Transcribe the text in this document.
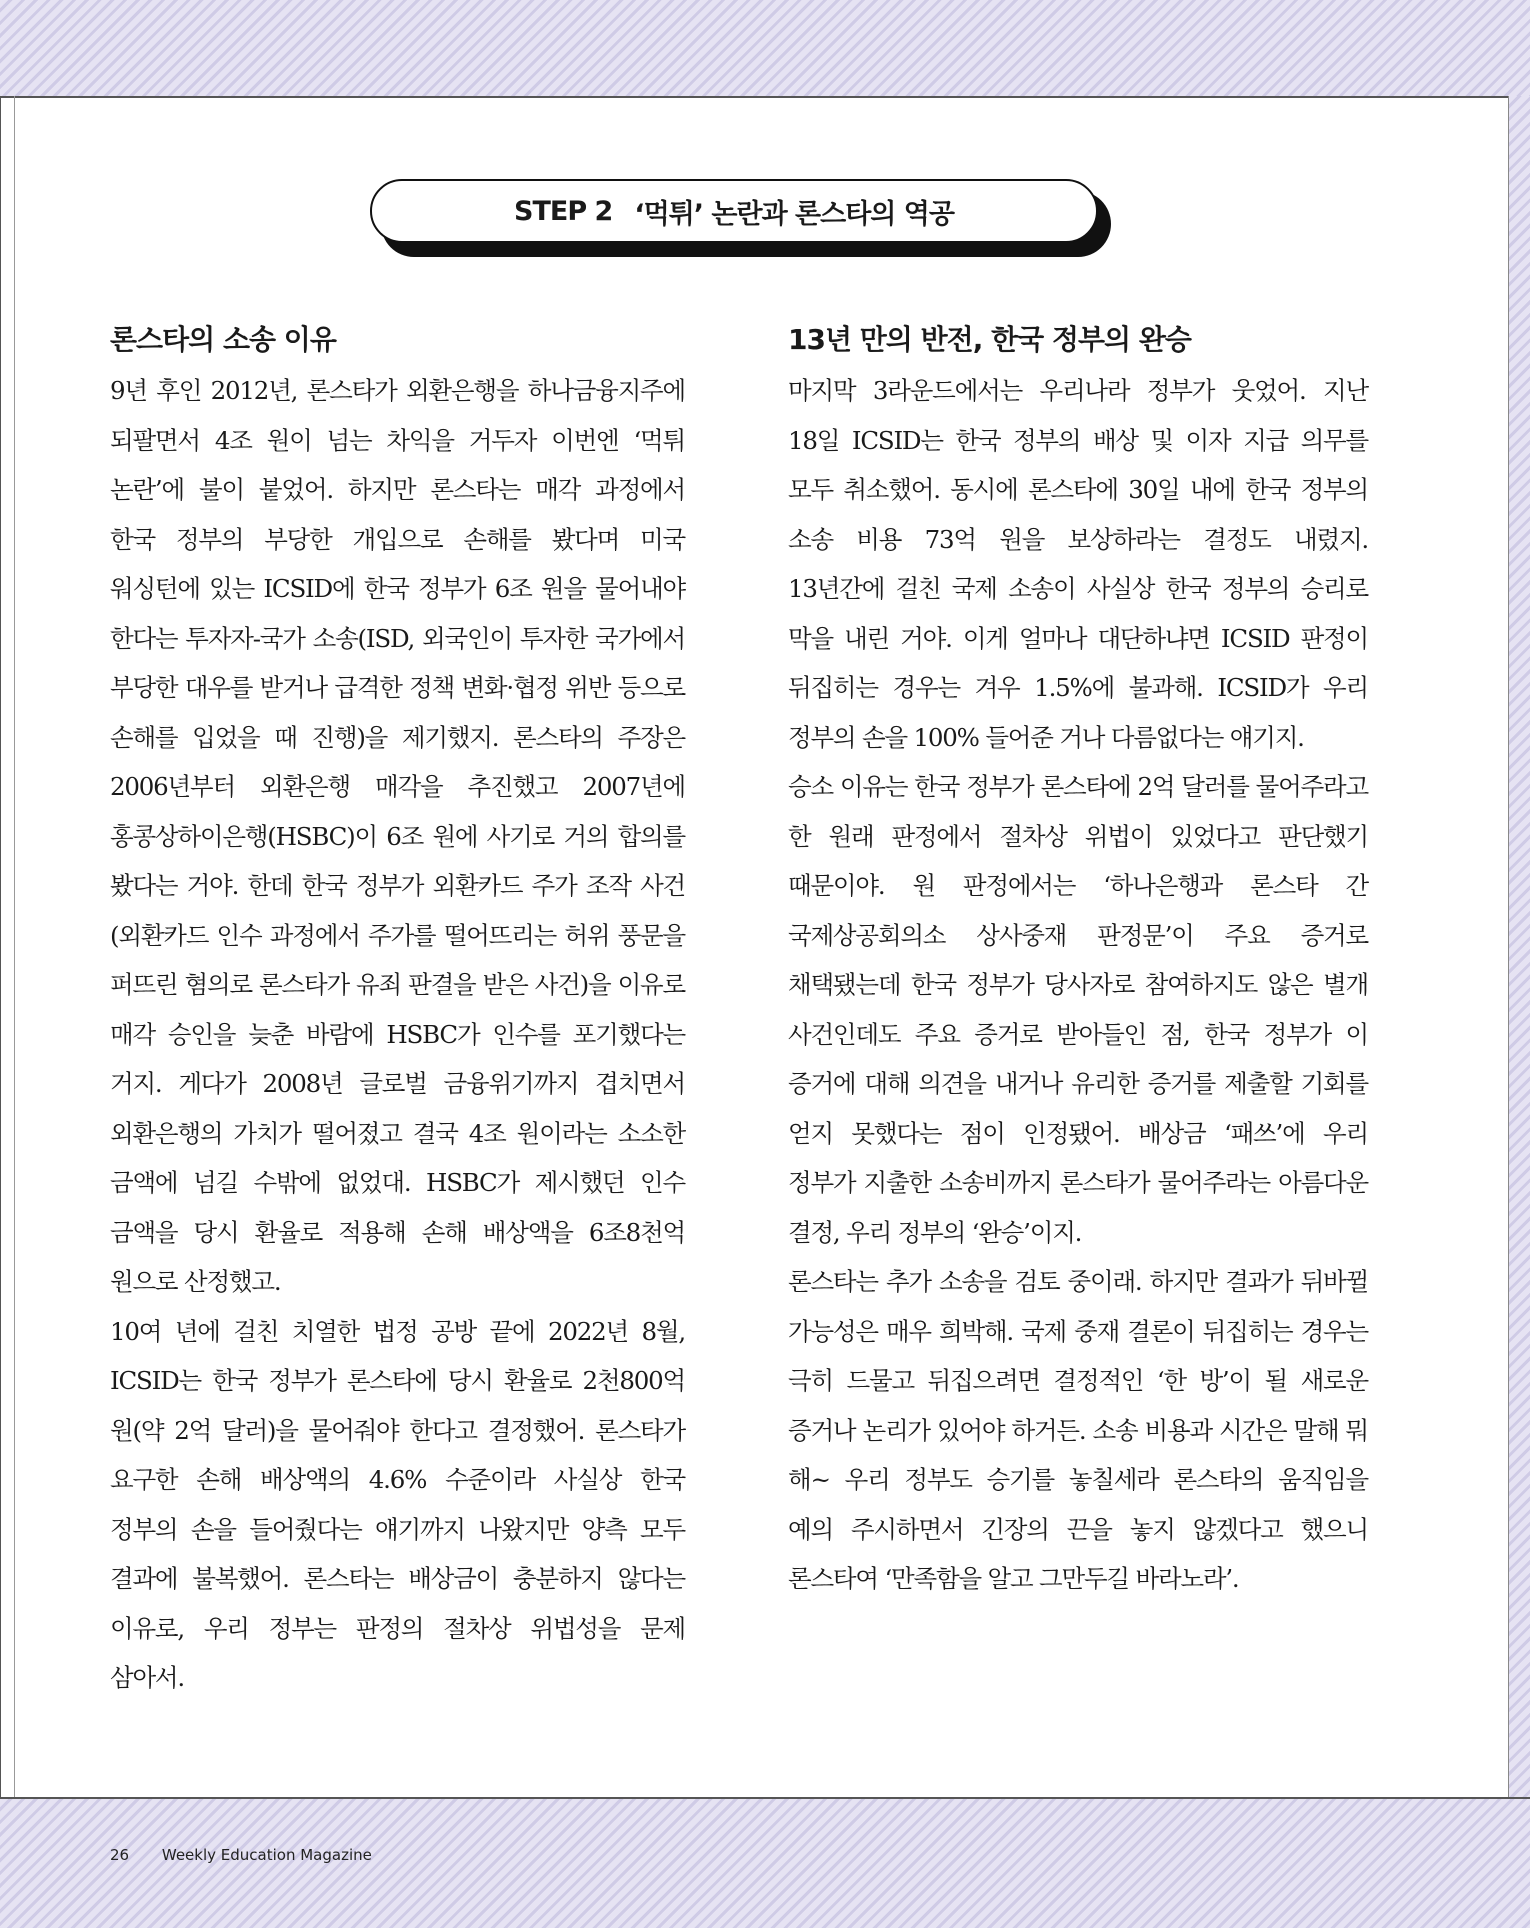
STEP 2 ‘먹튀’ 논란과 론스타의 역공
론스타의 소송 이유

9년 후인 2012년, 론스타가 외환은행을 하나금융지주에 되팔면서 4조 원이 넘는 차익을 거두자 이번엔 ‘먹튀 논란’에 불이 붙었어. 하지만 론스타는 매각 과정에서 한국 정부의 부당한 개입으로 손해를 봤다며 미국 워싱턴에 있는 ICSID에 한국 정부가 6조 원을 물어내야 한다는 투자자-국가 소송(ISD, 외국인이 투자한 국가에서 부당한 대우를 받거나 급격한 정책 변화·협정 위반 등으로 손해를 입었을 때 진행)을 제기했지. 론스타의 주장은 2006년부터 외환은행 매각을 추진했고 2007년에 홍콩상하이은행(HSBC)이 6조 원에 사기로 거의 합의를 봤다는 거야. 한데 한국 정부가 외환카드 주가 조작 사건(외환카드 인수 과정에서 주가를 떨어뜨리는 허위 풍문을 퍼뜨린 혐의로 론스타가 유죄 판결을 받은 사건)을 이유로 매각 승인을 늦춘 바람에 HSBC가 인수를 포기했다는 거지. 게다가 2008년 글로벌 금융위기까지 겹치면서 외환은행의 가치가 떨어졌고 결국 4조 원이라는 소소한 금액에 넘길 수밖에 없었대. HSBC가 제시했던 인수 금액을 당시 환율로 적용해 손해 배상액을 6조8천억 원으로 산정했고.

10여 년에 걸친 치열한 법정 공방 끝에 2022년 8월, ICSID는 한국 정부가 론스타에 당시 환율로 2천800억 원(약 2억 달러)을 물어줘야 한다고 결정했어. 론스타가 요구한 손해 배상액의 4.6% 수준이라 사실상 한국 정부의 손을 들어줬다는 얘기까지 나왔지만 양측 모두 결과에 불복했어. 론스타는 배상금이 충분하지 않다는 이유로, 우리 정부는 판정의 절차상 위법성을 문제 삼아서.

13년 만의 반전, 한국 정부의 완승

마지막 3라운드에서는 우리나라 정부가 웃었어. 지난 18일 ICSID는 한국 정부의 배상 및 이자 지급 의무를 모두 취소했어. 동시에 론스타에 30일 내에 한국 정부의 소송 비용 73억 원을 보상하라는 결정도 내렸지. 13년간에 걸친 국제 소송이 사실상 한국 정부의 승리로 막을 내린 거야. 이게 얼마나 대단하냐면 ICSID 판정이 뒤집히는 경우는 겨우 1.5%에 불과해. ICSID가 우리 정부의 손을 100% 들어준 거나 다름없다는 얘기지.

승소 이유는 한국 정부가 론스타에 2억 달러를 물어주라고 한 원래 판정에서 절차상 위법이 있었다고 판단했기 때문이야. 원 판정에서는 ‘하나은행과 론스타 간 국제상공회의소 상사중재 판정문’이 주요 증거로 채택됐는데 한국 정부가 당사자로 참여하지도 않은 별개 사건인데도 주요 증거로 받아들인 점, 한국 정부가 이 증거에 대해 의견을 내거나 유리한 증거를 제출할 기회를 얻지 못했다는 점이 인정됐어. 배상금 ‘패쓰’에 우리 정부가 지출한 소송비까지 론스타가 물어주라는 아름다운 결정, 우리 정부의 ‘완승’이지.

론스타는 추가 소송을 검토 중이래. 하지만 결과가 뒤바뀔 가능성은 매우 희박해. 국제 중재 결론이 뒤집히는 경우는 극히 드물고 뒤집으려면 결정적인 ‘한 방’이 될 새로운 증거나 논리가 있어야 하거든. 소송 비용과 시간은 말해 뭐 해~ 우리 정부도 승기를 놓칠세라 론스타의 움직임을 예의 주시하면서 긴장의 끈을 놓지 않겠다고 했으니 론스타여 ‘만족함을 알고 그만두길 바라노라’.

26 Weekly Education Magazine
